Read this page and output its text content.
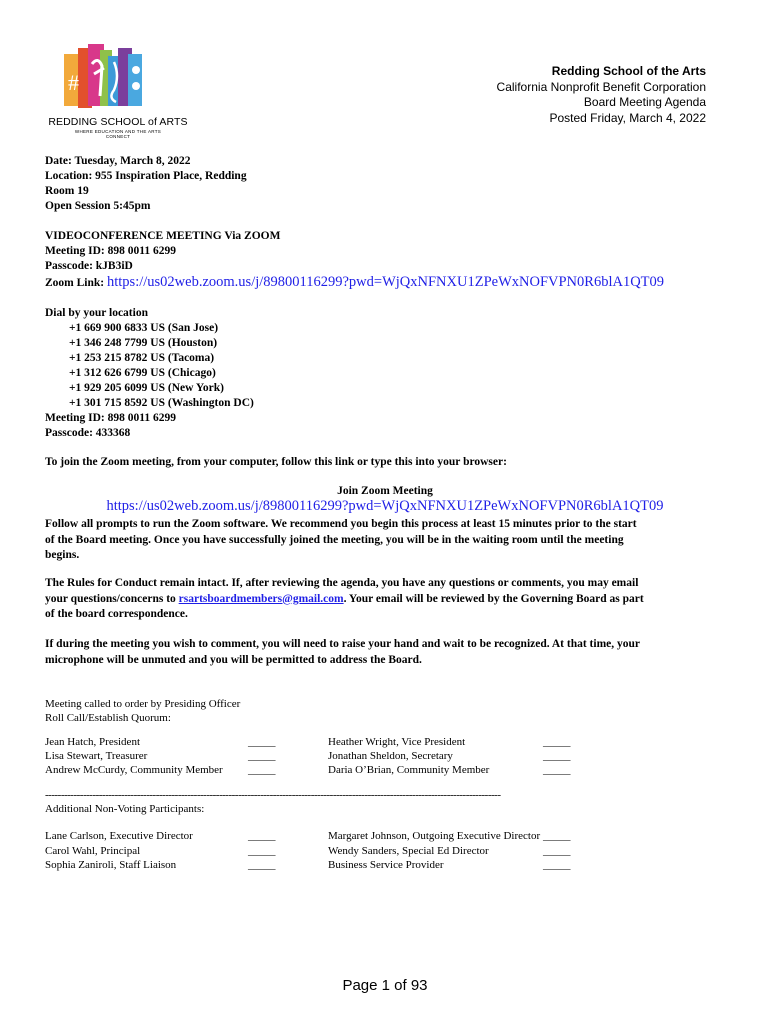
#
REDDING SCHOOL of ARTS
WHERE EDUCATION AND THE ARTS CONNECT
Redding School of the Arts
California Nonprofit Benefit Corporation
Board Meeting Agenda
Posted Friday, March 4, 2022
Date: Tuesday, March 8, 2022
Location: 955 Inspiration Place, Redding
Room 19
Open Session 5:45pm
VIDEOCONFERENCE MEETING Via ZOOM
Meeting ID: 898 0011 6299
Passcode: kJB3iD
Zoom Link: https://us02web.zoom.us/j/89800116299?pwd=WjQxNFNXU1ZPeWxNOFVPN0R6blA1QT09
Dial by your location
+1 669 900 6833 US (San Jose)
+1 346 248 7799 US (Houston)
+1 253 215 8782 US (Tacoma)
+1 312 626 6799 US (Chicago)
+1 929 205 6099 US (New York)
+1 301 715 8592 US (Washington DC)
Meeting ID: 898 0011 6299
Passcode: 433368
To join the Zoom meeting, from your computer, follow this link or type this into your browser:
Join Zoom Meeting
https://us02web.zoom.us/j/89800116299?pwd=WjQxNFNXU1ZPeWxNOFVPN0R6blA1QT09
Follow all prompts to run the Zoom software. We recommend you begin this process at least 15 minutes prior to the start
of the Board meeting. Once you have successfully joined the meeting, you will be in the waiting room until the meeting
begins.
The Rules for Conduct remain intact. If, after reviewing the agenda, you have any questions or comments, you may email
your questions/concerns to rsartsboardmembers@gmail.com. Your email will be reviewed by the Governing Board as part
of the board correspondence.
If during the meeting you wish to comment, you will need to raise your hand and wait to be recognized. At that time, your
microphone will be unmuted and you will be permitted to address the Board.
Meeting called to order by Presiding Officer
Roll Call/Establish Quorum:
Jean Hatch, President	_____	Heather Wright, Vice President	_____
Lisa Stewart, Treasurer	_____	Jonathan Sheldon, Secretary	_____
Andrew McCurdy, Community Member _____	Daria O’Brian, Community Member	_____
------------------------------------------------------------------------------------------------------------------------------------------------
Additional Non-Voting Participants:
Lane Carlson, Executive Director	_____	Margaret Johnson, Outgoing Executive Director _____
Carol Wahl, Principal	_____	Wendy Sanders, Special Ed Director	_____
Sophia Zaniroli, Staff Liaison	_____	Business Service Provider	_____
Page 1 of 93
